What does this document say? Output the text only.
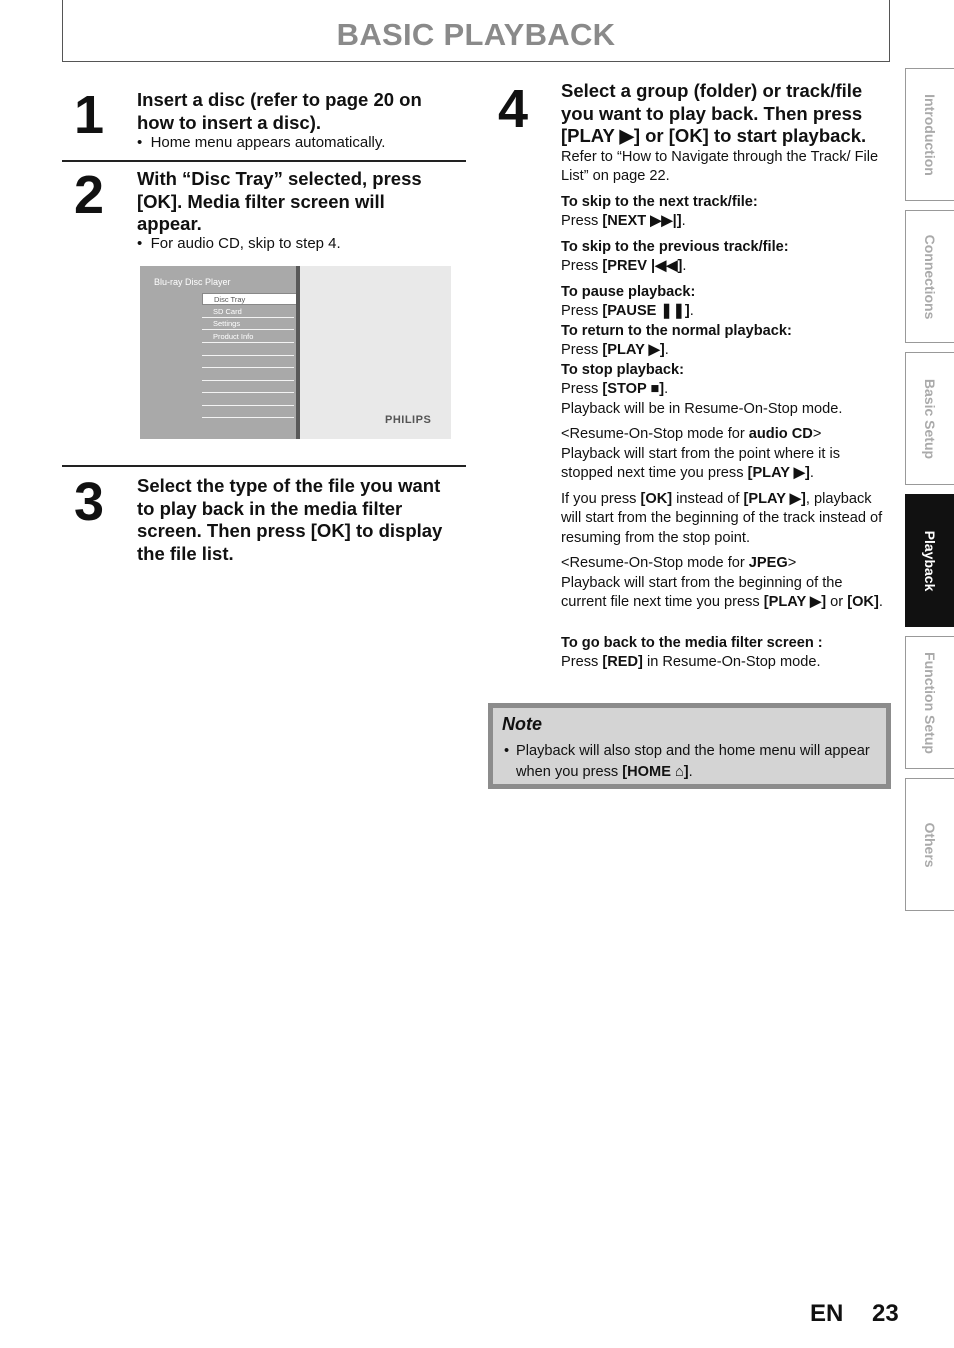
BASIC PLAYBACK
1 Insert a disc (refer to page 20 on how to insert a disc).
•  Home menu appears automatically.
2 With “Disc Tray” selected, press [OK]. Media filter screen will appear.
•  For audio CD, skip to step 4.
Blu-ray Disc Player
Disc Tray
SD Card
Settings
Product Info
PHILIPS
3 Select the type of the file you want to play back in the media filter screen. Then press [OK] to display the file list.
4 Select a group (folder) or track/file you want to play back. Then press [PLAY ▶] or [OK] to start playback.

Refer to “How to Navigate through the Track/ File List” on page 22.

To skip to the next track/file:

Press [NEXT ▶▶|].

To skip to the previous track/file:

Press [PREV |◀◀].

To pause playback:

Press [PAUSE ❚❚].

To return to the normal playback:

Press [PLAY ▶].

To stop playback:

Press [STOP ■].

Playback will be in Resume-On-Stop mode.

<Resume-On-Stop mode for audio CD>

Playback will start from the point where it is stopped next time you press [PLAY ▶].

If you press [OK] instead of [PLAY ▶], playback will start from the beginning of the track instead of resuming from the stop point.

<Resume-On-Stop mode for JPEG>

Playback will start from the beginning of the current file next time you press [PLAY ▶] or [OK].

To go back to the media filter screen :

Press [RED] in Resume-On-Stop mode.

Note
• Playback will also stop and the home menu will appear when you press [HOME ⌂].
Introduction
Connections
Basic Setup
Playback
Function Setup
Others
EN 23
